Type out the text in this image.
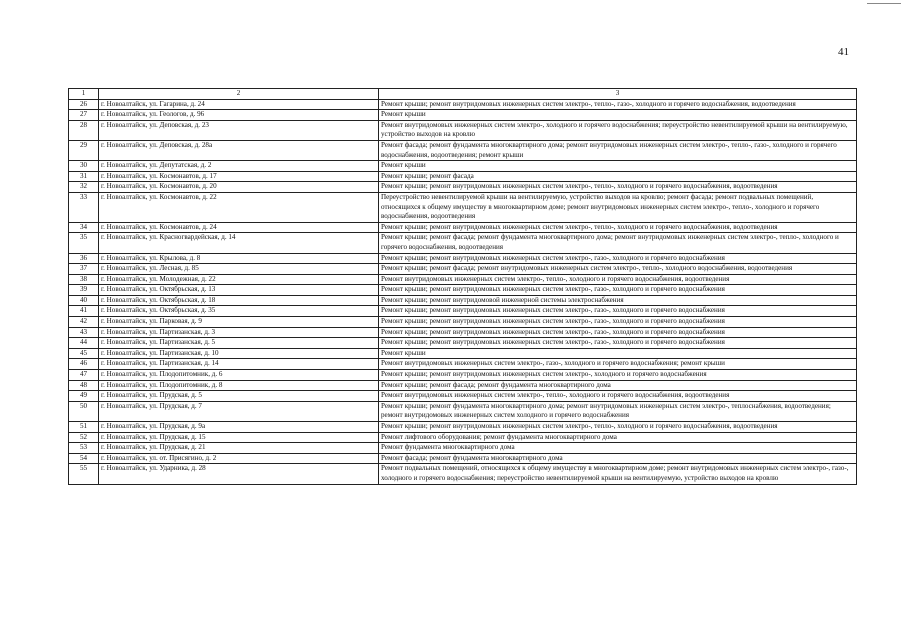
41
1	2	3
26	г. Новоалтайск, ул. Гагарина, д. 24	Ремонт крыши; ремонт внутридомовых инженерных систем электро-, тепло-, газо-, холодного и горячего водоснабжения, водоотведения
27	г. Новоалтайск, ул. Геологов, д. 96	Ремонт крыши
28	г. Новоалтайск, ул. Деповская, д. 23	Ремонт внутридомовых инженерных систем электро-, холодного и горячего водоснабжения; переустройство невентилируемой крыши на вентилируемую, устройство выходов на кровлю
29	г. Новоалтайск, ул. Деповская, д. 28а	Ремонт фасада; ремонт фундамента многоквартирного дома; ремонт внутридомовых инженерных систем электро-, тепло-, газо-, холодного и горячего водоснабжения, водоотведения; ремонт крыши
30	г. Новоалтайск, ул. Депутатская, д. 2	Ремонт крыши
31	г. Новоалтайск, ул. Космонавтов, д. 17	Ремонт крыши; ремонт фасада
32	г. Новоалтайск, ул. Космонавтов, д. 20	Ремонт крыши; ремонт внутридомовых инженерных систем электро-, тепло-, холодного и горячего водоснабжения, водоотведения
33	г. Новоалтайск, ул. Космонавтов, д. 22	Переустройство невентилируемой крыши на вентилируемую, устройство выходов на кровлю; ремонт фасада; ремонт подвальных помещений, относящихся к общему имуществу в многоквартирном доме; ремонт внутридомовых инженерных систем электро-, тепло-, холодного и горячего водоснабжения, водоотведения
34	г. Новоалтайск, ул. Космонавтов, д. 24	Ремонт крыши; ремонт внутридомовых инженерных систем электро-, тепло-, холодного и горячего водоснабжения, водоотведения
35	г. Новоалтайск, ул. Красногвардейская, д. 14	Ремонт крыши; ремонт фасада; ремонт фундамента многоквартирного дома; ремонт внутридомовых инженерных систем электро-, тепло-, холодного и горячего водоснабжения, водоотведения
36	г. Новоалтайск, ул. Крылова, д. 8	Ремонт крыши; ремонт внутридомовых инженерных систем электро-, газо-, холодного и горячего водоснабжения
37	г. Новоалтайск, ул. Лесная, д. 85	Ремонт крыши; ремонт фасада; ремонт внутридомовых инженерных систем электро-, тепло-, холодного водоснабжения, водоотведения
38	г. Новоалтайск, ул. Молодежная, д. 22	Ремонт внутридомовых инженерных систем электро-, тепло-, холодного и горячего водоснабжения, водоотведения
39	г. Новоалтайск, ул. Октябрьская, д. 13	Ремонт крыши; ремонт внутридомовых инженерных систем электро-, газо-, холодного и горячего водоснабжения
40	г. Новоалтайск, ул. Октябрьская, д. 18	Ремонт крыши; ремонт внутридомовой инженерной системы электроснабжения
41	г. Новоалтайск, ул. Октябрьская, д. 35	Ремонт крыши; ремонт внутридомовых инженерных систем электро-, газо-, холодного и горячего водоснабжения
42	г. Новоалтайск, ул. Парковая, д. 9	Ремонт крыши; ремонт внутридомовых инженерных систем электро-, газо-, холодного и горячего водоснабжения
43	г. Новоалтайск, ул. Партизанская, д. 3	Ремонт крыши; ремонт внутридомовых инженерных систем электро-, газо-, холодного и горячего водоснабжения
44	г. Новоалтайск, ул. Партизанская, д. 5	Ремонт крыши; ремонт внутридомовых инженерных систем электро-, газо-, холодного и горячего водоснабжения
45	г. Новоалтайск, ул. Партизанская, д. 10	Ремонт крыши
46	г. Новоалтайск, ул. Партизанская, д. 14	Ремонт внутридомовых инженерных систем электро-, газо-, холодного и горячего водоснабжения; ремонт крыши
47	г. Новоалтайск, ул. Плодопитомник, д. 6	Ремонт крыши; ремонт внутридомовых инженерных систем электро-, холодного и горячего водоснабжения
48	г. Новоалтайск, ул. Плодопитомник, д. 8	Ремонт крыши; ремонт фасада; ремонт фундамента многоквартирного дома
49	г. Новоалтайск, ул. Прудская, д. 5	Ремонт внутридомовых инженерных систем электро-, тепло-, холодного и горячего водоснабжения, водоотведения
50	г. Новоалтайск, ул. Прудская, д. 7	Ремонт крыши; ремонт фундамента многоквартирного дома; ремонт внутридомовых инженерных систем электро-, теплоснабжения, водоотведения; ремонт внутридомовых инженерных систем холодного и горячего водоснабжения
51	г. Новоалтайск, ул. Прудская, д. 9а	Ремонт крыши; ремонт внутридомовых инженерных систем электро-, тепло-, холодного и горячего водоснабжения, водоотведения
52	г. Новоалтайск, ул. Прудская, д. 15	Ремонт лифтового оборудования; ремонт фундамента многоквартирного дома
53	г. Новоалтайск, ул. Прудская, д. 21	Ремонт фундамента многоквартирного дома
54	г. Новоалтайск, ул. от. Присягино, д. 2	Ремонт фасада; ремонт фундамента многоквартирного дома
55	г. Новоалтайск, ул. Ударника, д. 28	Ремонт подвальных помещений, относящихся к общему имуществу в многоквартирном доме; ремонт внутридомовых инженерных систем электро-, газо-, холодного и горячего водоснабжения; переустройство невентилируемой крыши на вентилируемую, устройство выходов на кровлю
